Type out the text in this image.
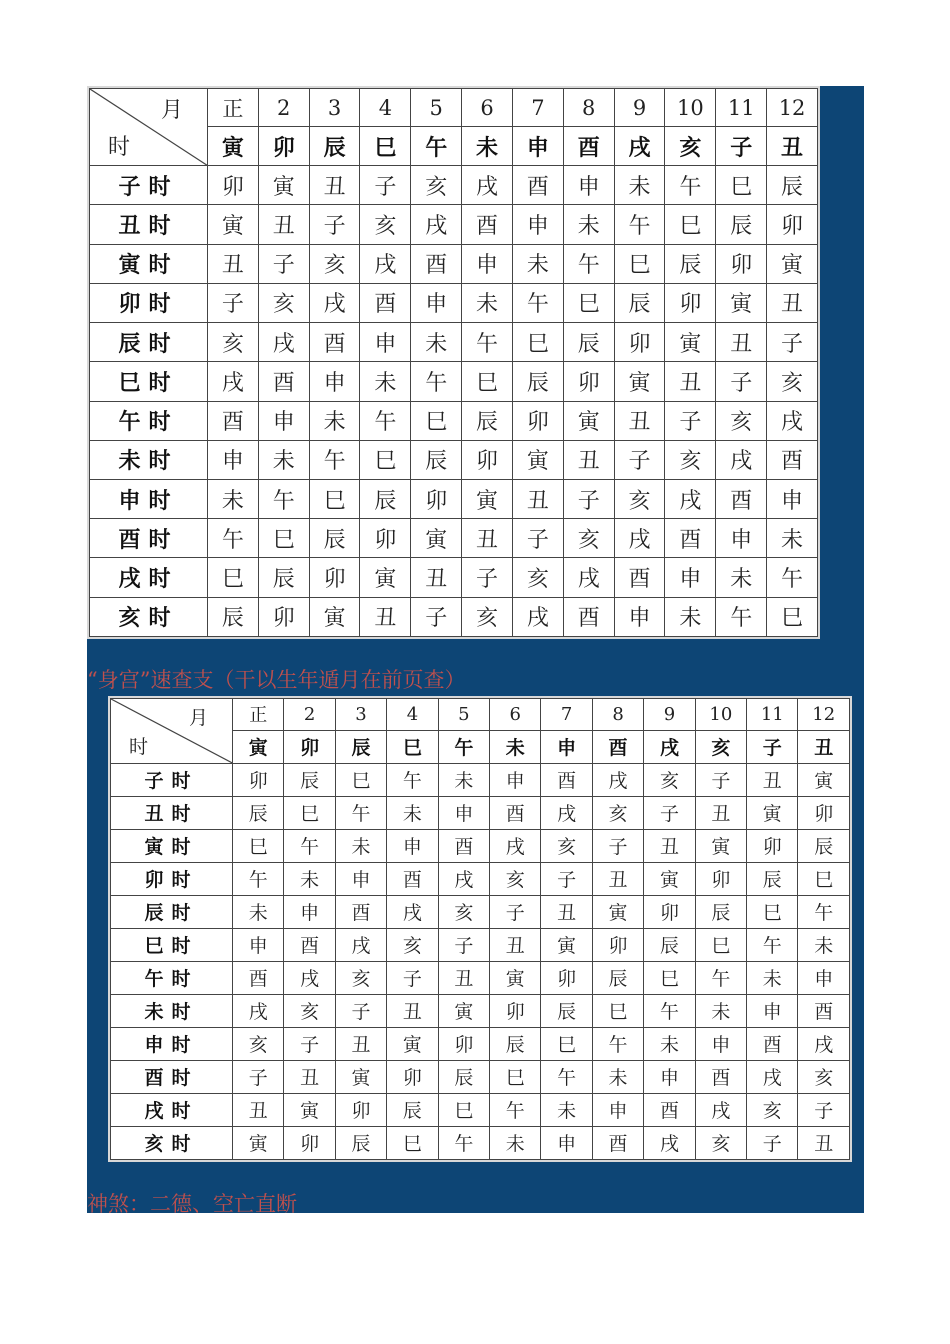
月
时	正	2	3	4	5	6	7	8	9	10	11	12
	寅	卯	辰	巳	午	未	申	酉	戌	亥	子	丑
子时	卯	寅	丑	子	亥	戌	酉	申	未	午	巳	辰
丑时	寅	丑	子	亥	戌	酉	申	未	午	巳	辰	卯
寅时	丑	子	亥	戌	酉	申	未	午	巳	辰	卯	寅
卯时	子	亥	戌	酉	申	未	午	巳	辰	卯	寅	丑
辰时	亥	戌	酉	申	未	午	巳	辰	卯	寅	丑	子
巳时	戌	酉	申	未	午	巳	辰	卯	寅	丑	子	亥
午时	酉	申	未	午	巳	辰	卯	寅	丑	子	亥	戌
未时	申	未	午	巳	辰	卯	寅	丑	子	亥	戌	酉
申时	未	午	巳	辰	卯	寅	丑	子	亥	戌	酉	申
酉时	午	巳	辰	卯	寅	丑	子	亥	戌	酉	申	未
戌时	巳	辰	卯	寅	丑	子	亥	戌	酉	申	未	午
亥时	辰	卯	寅	丑	子	亥	戌	酉	申	未	午	巳
“身宫”速查支（干以生年遁月在前页查）
月
时	正	2	3	4	5	6	7	8	9	10	11	12
	寅	卯	辰	巳	午	未	申	酉	戌	亥	子	丑
子时	卯	辰	巳	午	未	申	酉	戌	亥	子	丑	寅
丑时	辰	巳	午	未	申	酉	戌	亥	子	丑	寅	卯
寅时	巳	午	未	申	酉	戌	亥	子	丑	寅	卯	辰
卯时	午	未	申	酉	戌	亥	子	丑	寅	卯	辰	巳
辰时	未	申	酉	戌	亥	子	丑	寅	卯	辰	巳	午
巳时	申	酉	戌	亥	子	丑	寅	卯	辰	巳	午	未
午时	酉	戌	亥	子	丑	寅	卯	辰	巳	午	未	申
未时	戌	亥	子	丑	寅	卯	辰	巳	午	未	申	酉
申时	亥	子	丑	寅	卯	辰	巳	午	未	申	酉	戌
酉时	子	丑	寅	卯	辰	巳	午	未	申	酉	戌	亥
戌时	丑	寅	卯	辰	巳	午	未	申	酉	戌	亥	子
亥时	寅	卯	辰	巳	午	未	申	酉	戌	亥	子	丑
神煞：二德、空亡直断
